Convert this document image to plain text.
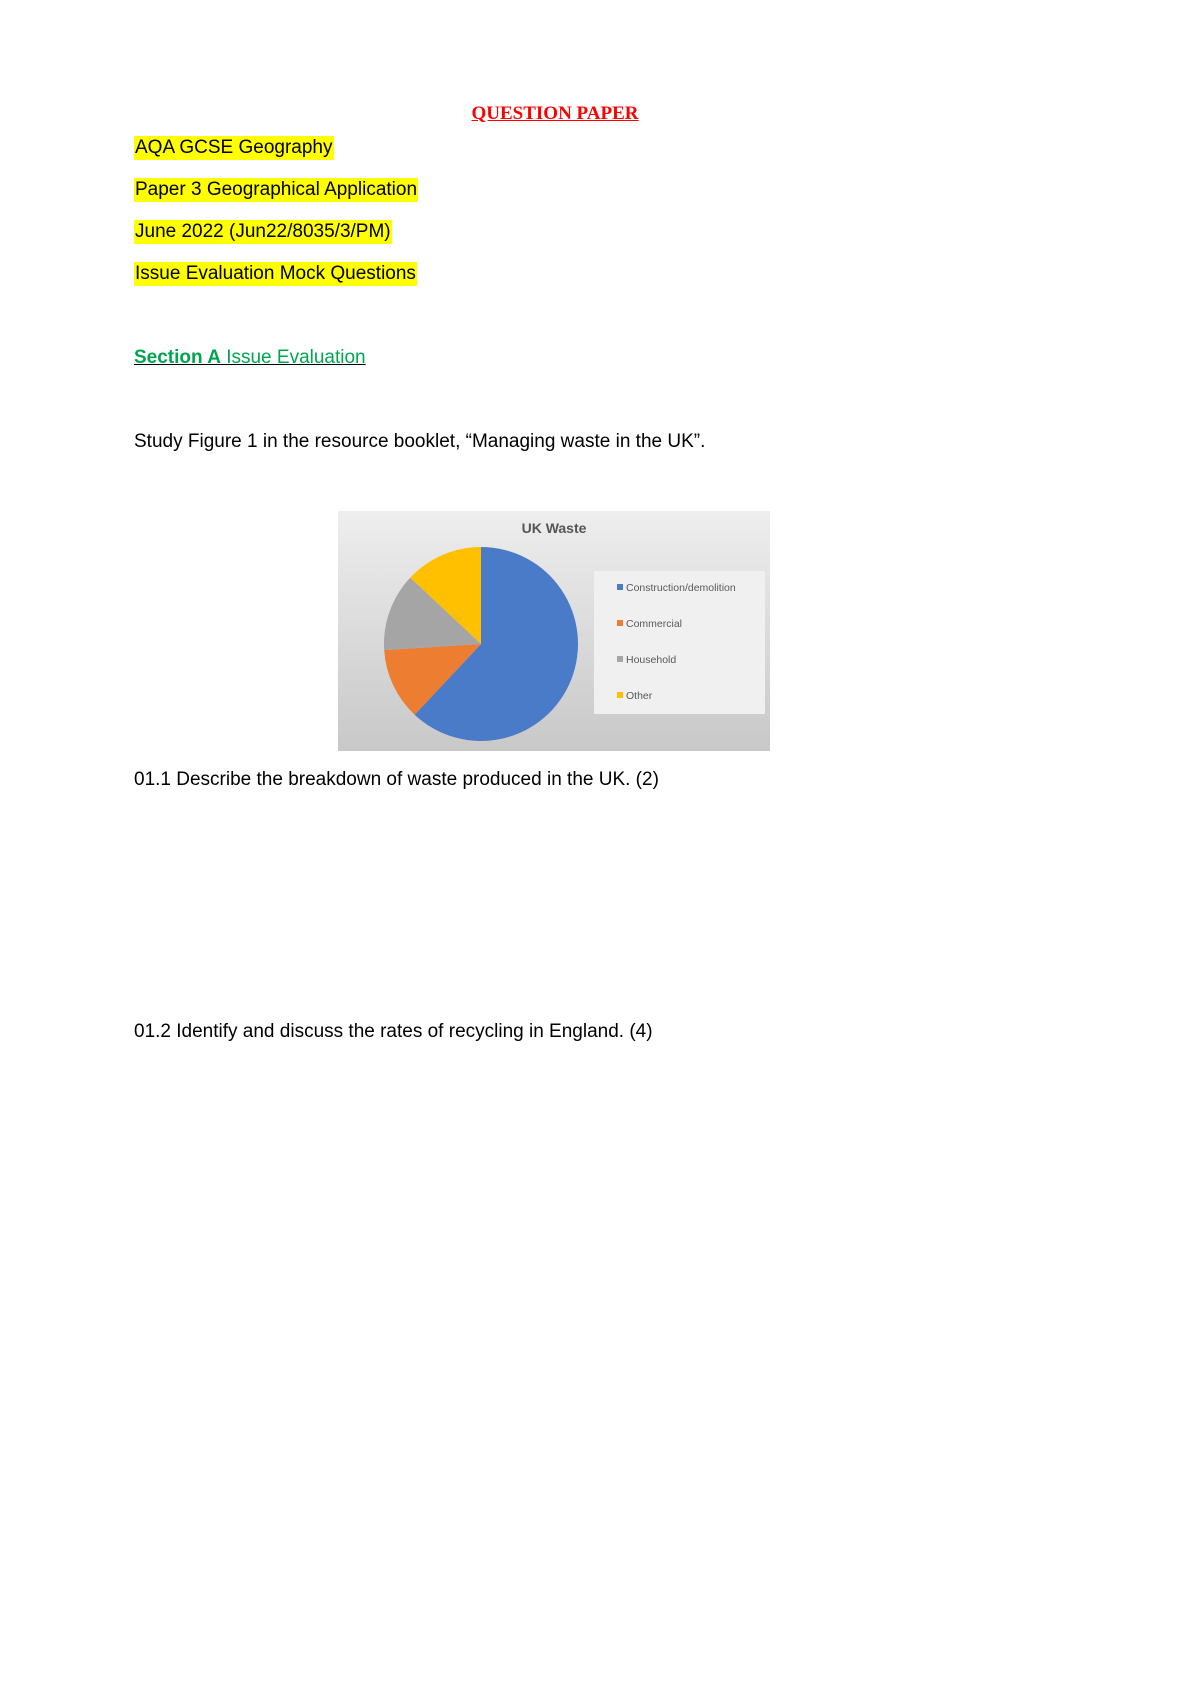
QUESTION PAPER
AQA GCSE Geography
Paper 3 Geographical Application
June 2022 (Jun22/8035/3/PM)
Issue Evaluation Mock Questions
Section A Issue Evaluation
Study Figure 1 in the resource booklet, “Managing waste in the UK”.
UK Waste
Construction/demolition
Commercial
Household
Other
01.1 Describe the breakdown of waste produced in the UK. (2)
01.2 Identify and discuss the rates of recycling in England. (4)
